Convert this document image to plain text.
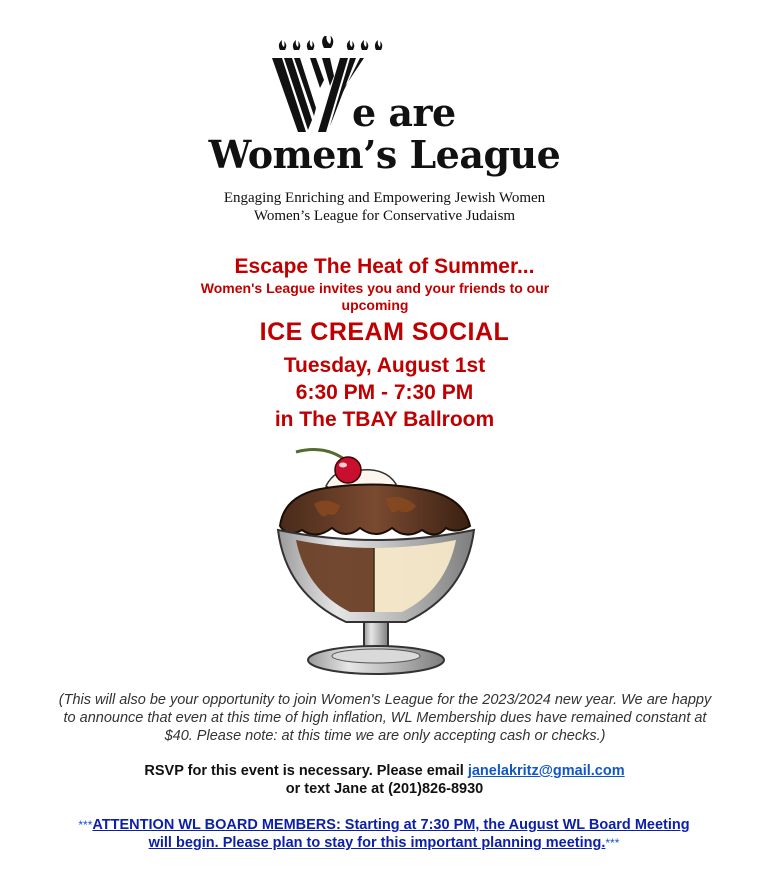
e are
Women’s League
Engaging Enriching and Empowering Jewish Women
Women’s League for Conservative Judaism
Escape The Heat of Summer...
Women's League invites you and your friends to our upcoming
ICE CREAM SOCIAL
Tuesday, August 1st
6:30 PM - 7:30 PM
in The TBAY Ballroom
(This will also be your opportunity to join Women's League for the 2023/2024 new year. We are happy to announce that even at this time of high inflation, WL Membership dues have remained constant at $40. Please note: at this time we are only accepting cash or checks.)
RSVP for this event is necessary. Please email janelakritz@gmail.com
or text Jane at (201)826-8930
***ATTENTION WL BOARD MEMBERS: Starting at 7:30 PM, the August WL Board Meeting will begin. Please plan to stay for this important planning meeting.***
